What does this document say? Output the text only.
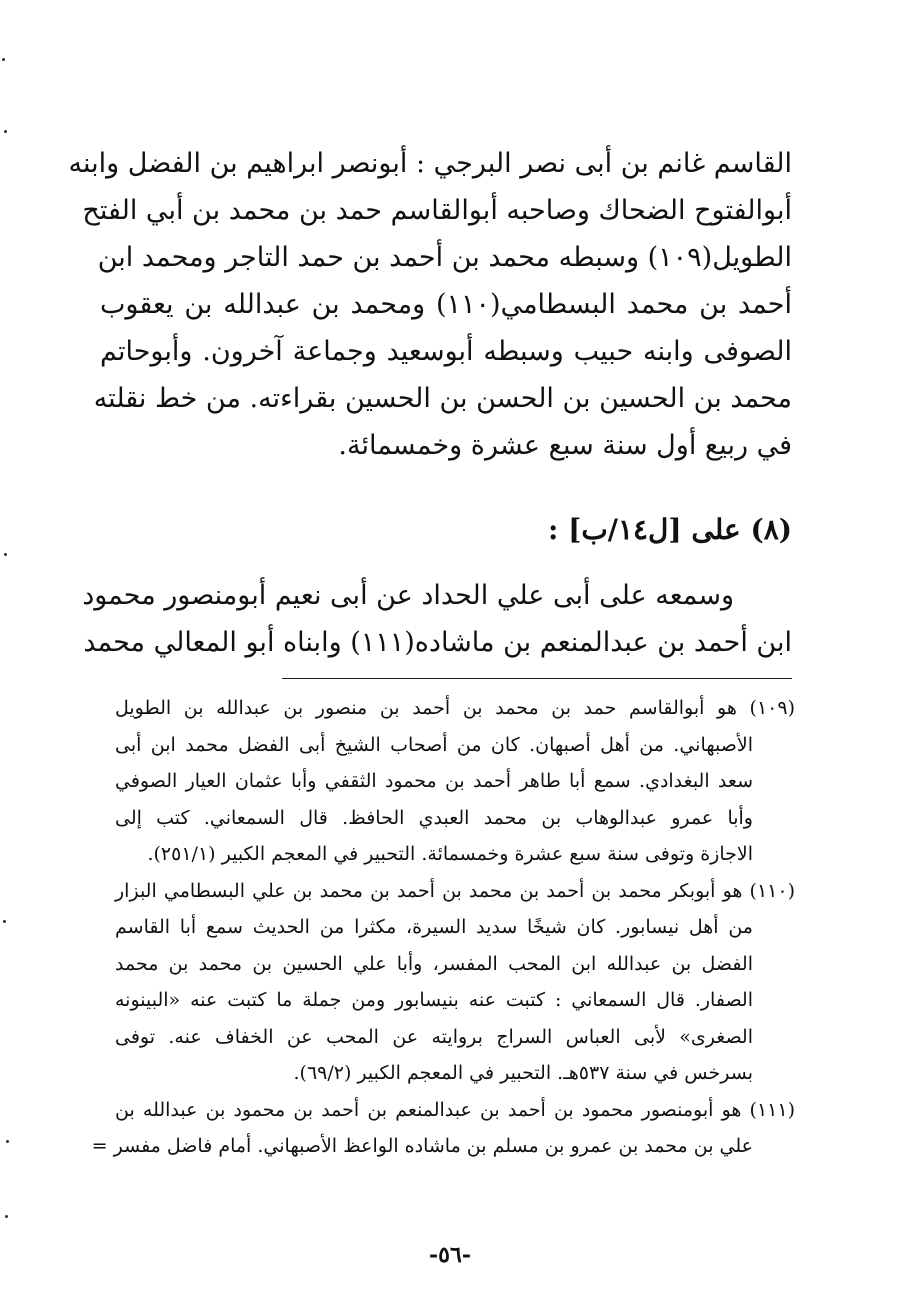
القاسم غانم بن أبى نصر البرجي : أبونصر ابراهيم بن الفضل وابنه
أبوالفتوح الضحاك وصاحبه أبوالقاسم حمد بن محمد بن أبي الفتح
الطويل(١٠٩) وسبطه محمد بن أحمد بن حمد التاجر ومحمد ابن
أحمد بن محمد البسطامي(١١٠) ومحمد بن عبدالله بن يعقوب
الصوفى وابنه حبيب وسبطه أبوسعيد وجماعة آخرون. وأبوحاتم
محمد بن الحسين بن الحسن بن الحسين بقراءته. من خط نقلته
في ربيع أول سنة سبع عشرة وخمسمائة.
(٨) على [ل١٤/ب] :
وسمعه على أبى علي الحداد عن أبى نعيم أبومنصور محمود
ابن أحمد بن عبدالمنعم بن ماشاده(١١١) وابناه أبو المعالي محمد
(١٠٩) هو أبوالقاسم حمد بن محمد بن أحمد بن منصور بن عبدالله بن الطويل
الأصبهاني. من أهل أصبهان. كان من أصحاب الشيخ أبى الفضل محمد ابن أبى
سعد البغدادي. سمع أبا طاهر أحمد بن محمود الثقفي وأبا عثمان العيار الصوفي
وأبا عمرو عبدالوهاب بن محمد العبدي الحافظ. قال السمعاني. كتب إلى
الاجازة وتوفى سنة سبع عشرة وخمسمائة. التحبير في المعجم الكبير (٢٥١/١).
(١١٠) هو أبوبكر محمد بن أحمد بن محمد بن أحمد بن محمد بن علي البسطامي البزار
من أهل نيسابور. كان شيخًا سديد السيرة، مكثرا من الحديث سمع أبا القاسم
الفضل بن عبدالله ابن المحب المفسر، وأبا علي الحسين بن محمد بن محمد
الصفار. قال السمعاني : كتبت عنه بنيسابور ومن جملة ما كتبت عنه «البينونه
الصغرى» لأبى العباس السراج بروايته عن المحب عن الخفاف عنه. توفى
بسرخس في سنة ٥٣٧هـ. التحبير في المعجم الكبير (٦٩/٢).
(١١١) هو أبومنصور محمود بن أحمد بن عبدالمنعم بن أحمد بن محمود بن عبدالله بن
علي بن محمد بن عمرو بن مسلم بن ماشاده الواعظ الأصبهاني. أمام فاضل مفسر =
-٥٦-
